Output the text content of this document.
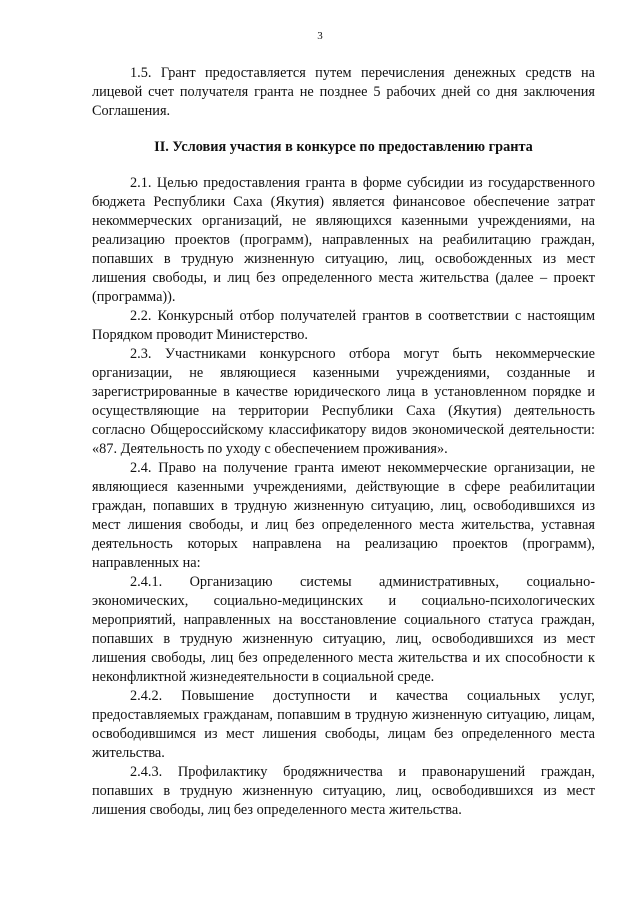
3

1.5. Грант предоставляется путем перечисления денежных средств на лицевой счет получателя гранта не позднее 5 рабочих дней со дня заключения Соглашения.

II. Условия участия в конкурсе по предоставлению гранта

2.1. Целью предоставления гранта в форме субсидии из государственного бюджета Республики Саха (Якутия) является финансовое обеспечение затрат некоммерческих организаций, не являющихся казенными учреждениями, на реализацию проектов (программ), направленных на реабилитацию граждан, попавших в трудную жизненную ситуацию, лиц, освобожденных из мест лишения свободы, и лиц без определенного места жительства (далее – проект (программа)).

2.2. Конкурсный отбор получателей грантов в соответствии с настоящим Порядком проводит Министерство.

2.3. Участниками конкурсного отбора могут быть некоммерческие организации, не являющиеся казенными учреждениями, созданные и зарегистрированные в качестве юридического лица в установленном порядке и осуществляющие на территории Республики Саха (Якутия) деятельность согласно Общероссийскому классификатору видов экономической деятельности: «87. Деятельность по уходу с обеспечением проживания».

2.4. Право на получение гранта имеют некоммерческие организации, не являющиеся казенными учреждениями, действующие в сфере реабилитации граждан, попавших в трудную жизненную ситуацию, лиц, освободившихся из мест лишения свободы, и лиц без определенного места жительства, уставная деятельность которых направлена на реализацию проектов (программ), направленных на:

2.4.1. Организацию системы административных, социально-экономических, социально-медицинских и социально-психологических мероприятий, направленных на восстановление социального статуса граждан, попавших в трудную жизненную ситуацию, лиц, освободившихся из мест лишения свободы, лиц без определенного места жительства и их способности к неконфликтной жизнедеятельности в социальной среде.

2.4.2. Повышение доступности и качества социальных услуг, предоставляемых гражданам, попавшим в трудную жизненную ситуацию, лицам, освободившимся из мест лишения свободы, лицам без определенного места жительства.

2.4.3. Профилактику бродяжничества и правонарушений граждан, попавших в трудную жизненную ситуацию, лиц, освободившихся из мест лишения свободы, лиц без определенного места жительства.
